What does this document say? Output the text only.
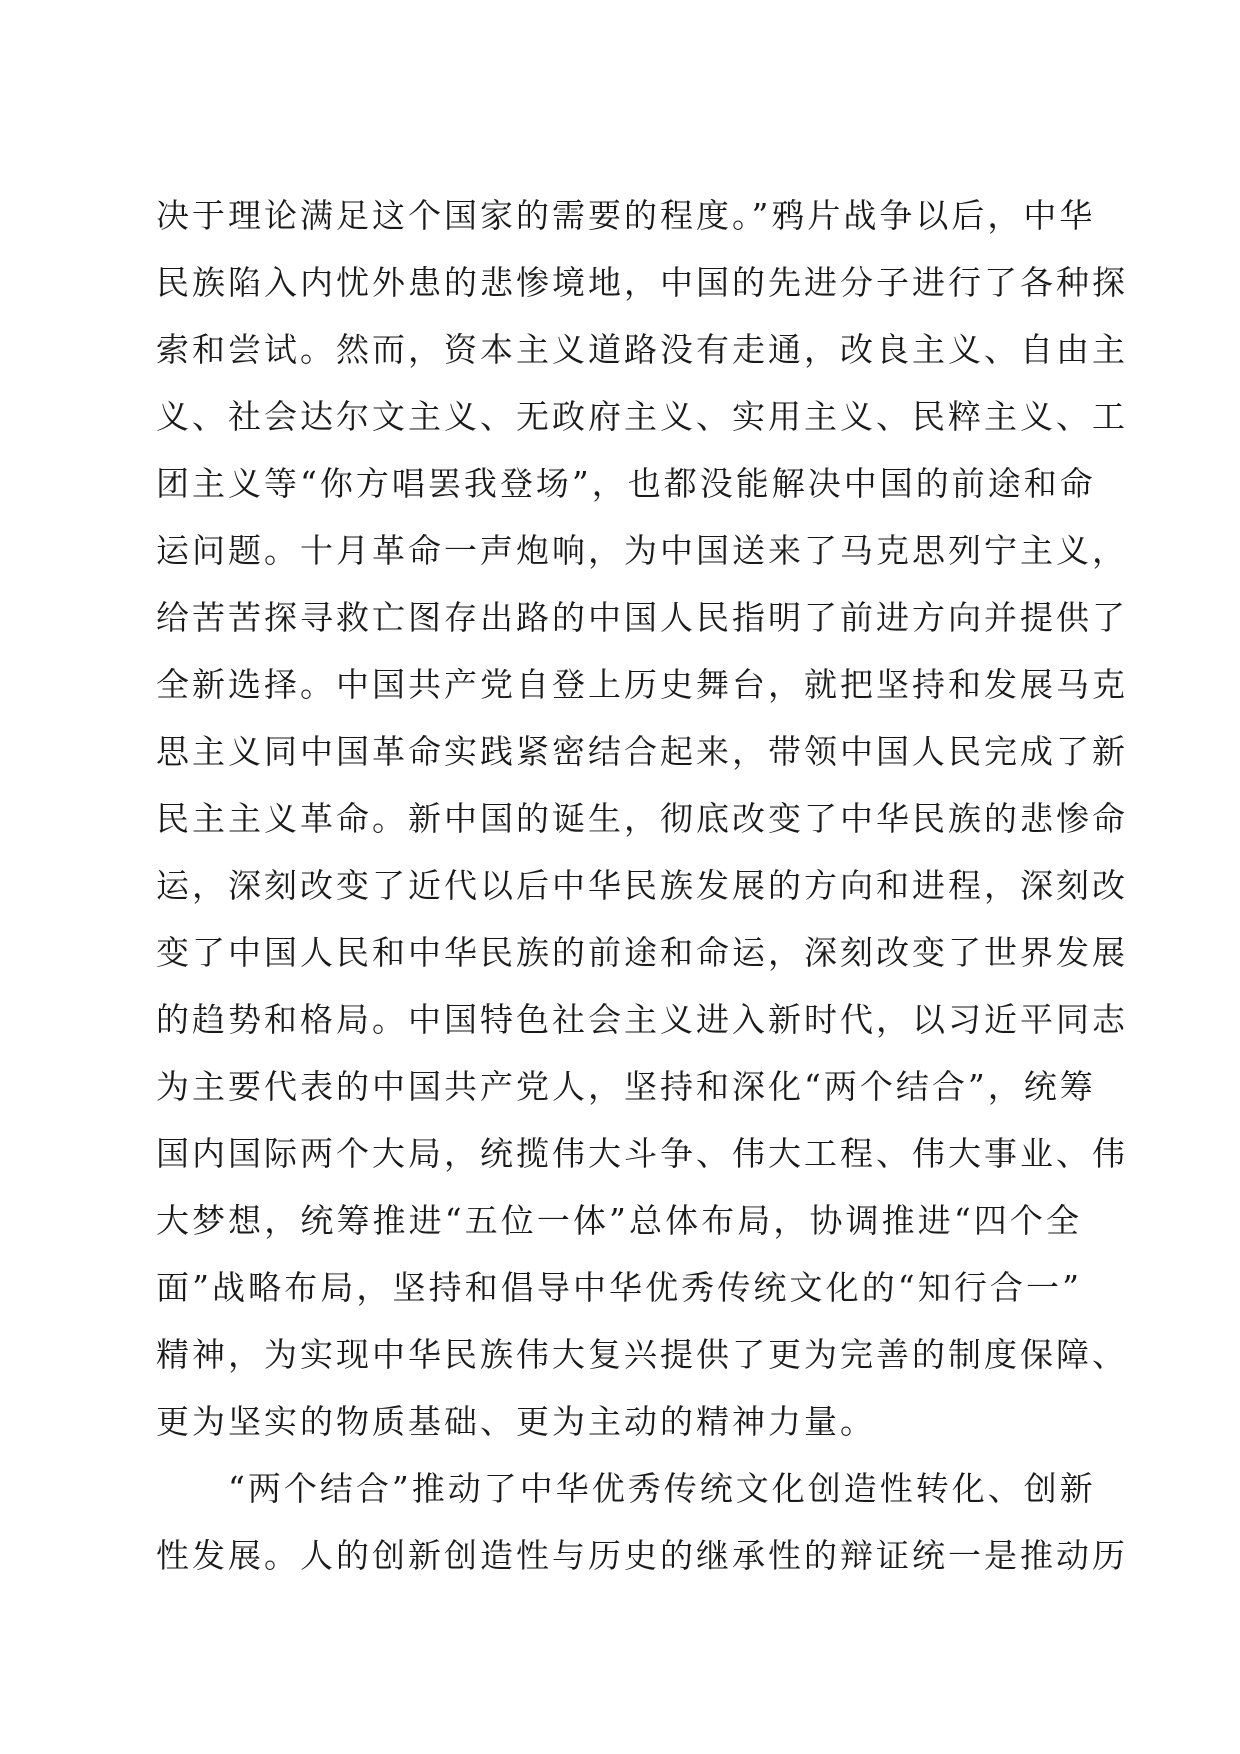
决于理论满足这个国家的需要的程度。”鸦片战争以后，中华
民族陷入内忧外患的悲惨境地，中国的先进分子进行了各种探
索和尝试。然而，资本主义道路没有走通，改良主义、自由主
义、社会达尔文主义、无政府主义、实用主义、民粹主义、工
团主义等“你方唱罢我登场”，也都没能解决中国的前途和命
运问题。十月革命一声炮响，为中国送来了马克思列宁主义，
给苦苦探寻救亡图存出路的中国人民指明了前进方向并提供了
全新选择。中国共产党自登上历史舞台，就把坚持和发展马克
思主义同中国革命实践紧密结合起来，带领中国人民完成了新
民主主义革命。新中国的诞生，彻底改变了中华民族的悲惨命
运，深刻改变了近代以后中华民族发展的方向和进程，深刻改
变了中国人民和中华民族的前途和命运，深刻改变了世界发展
的趋势和格局。中国特色社会主义进入新时代，以习近平同志
为主要代表的中国共产党人，坚持和深化“两个结合”，统筹
国内国际两个大局，统揽伟大斗争、伟大工程、伟大事业、伟
大梦想，统筹推进“五位一体”总体布局，协调推进“四个全
面”战略布局，坚持和倡导中华优秀传统文化的“知行合一”
精神，为实现中华民族伟大复兴提供了更为完善的制度保障、
更为坚实的物质基础、更为主动的精神力量。
“两个结合”推动了中华优秀传统文化创造性转化、创新
性发展。人的创新创造性与历史的继承性的辩证统一是推动历
